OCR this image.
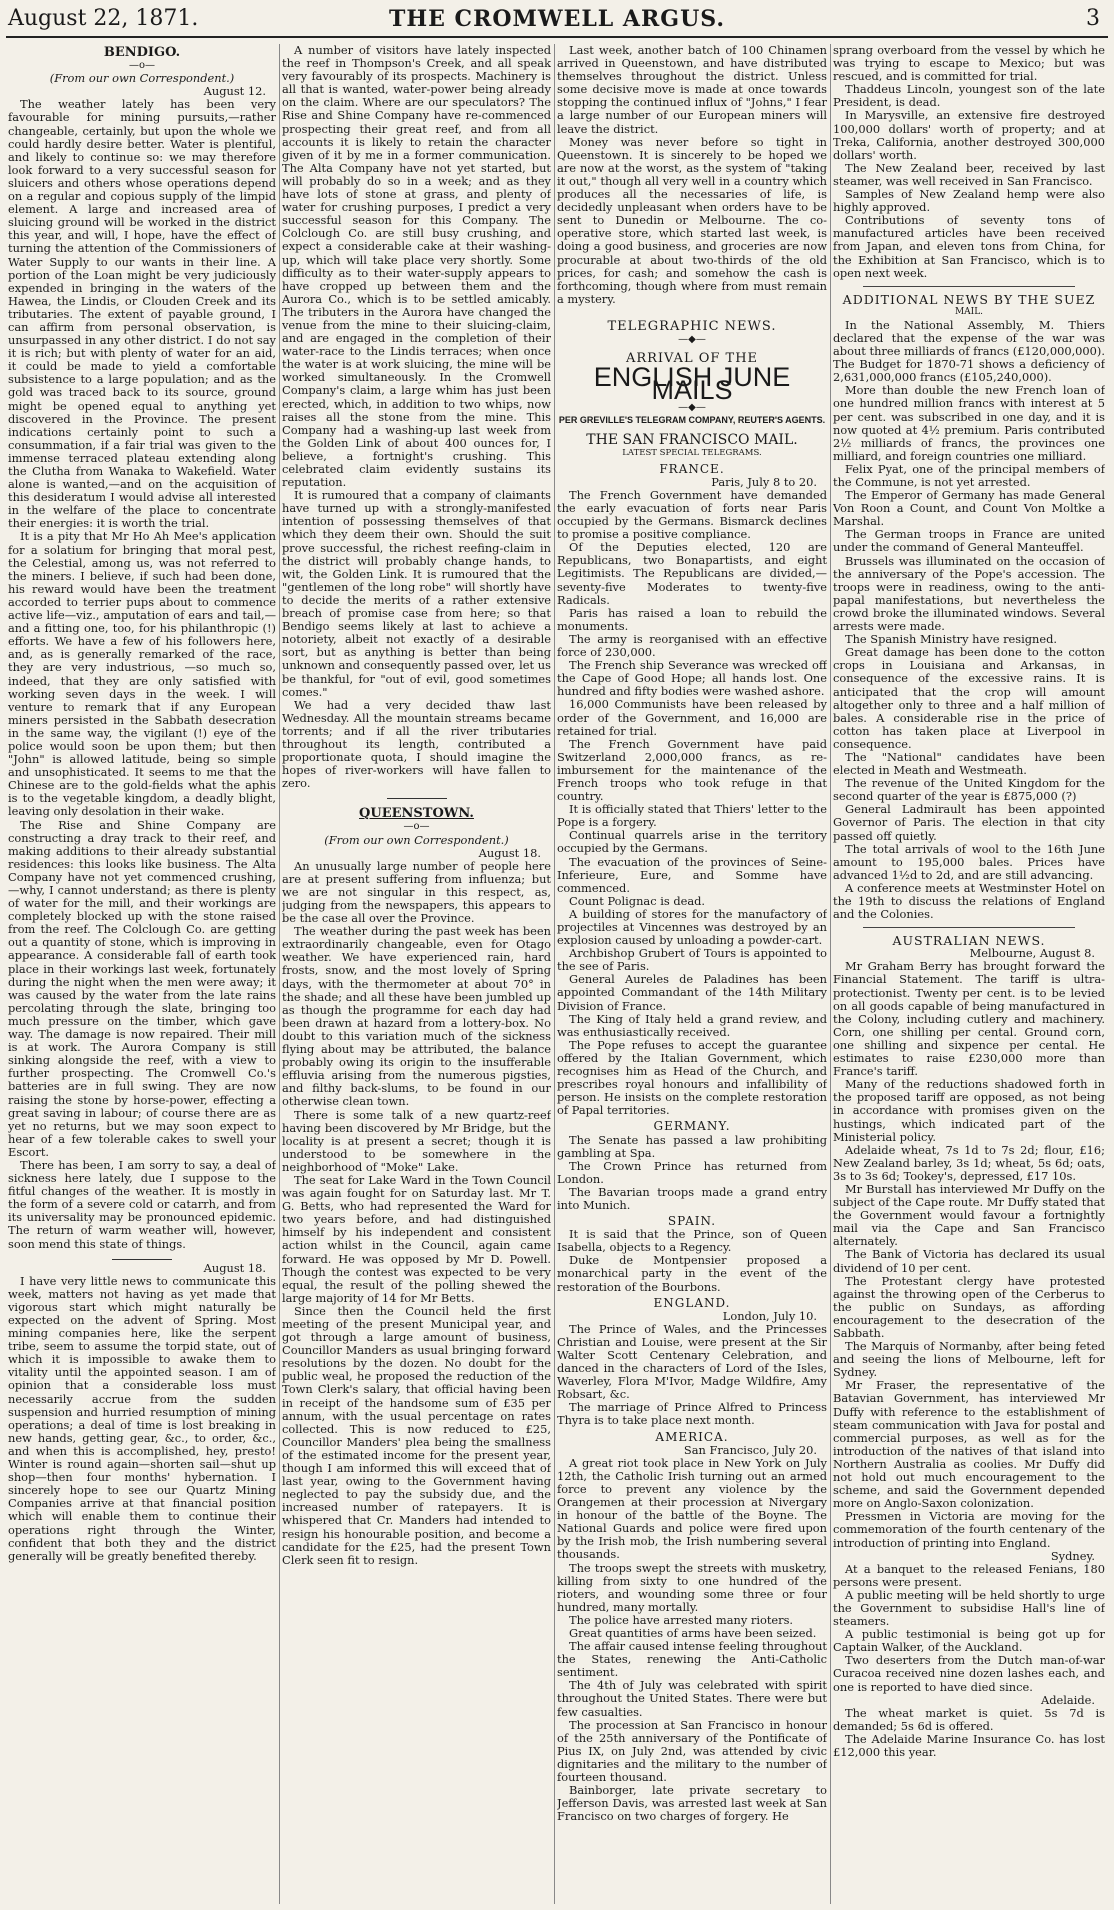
August 22, 1871.	THE CROMWELL ARGUS.	3

BENDIGO.

—o—

(From our own Correspondent.)

August 12.

The weather lately has been very favourable for mining pursuits,—rather changeable, certainly, but upon the whole we could hardly desire better. Water is plentiful, and likely to continue so: we may therefore look forward to a very successful season for sluicers and others whose operations depend on a regular and copious supply of the limpid element. A large and increased area of sluicing ground will be worked in the district this year, and will, I hope, have the effect of turning the attention of the Commissioners of Water Supply to our wants in their line. A portion of the Loan might be very judiciously expended in bringing in the waters of the Hawea, the Lindis, or Clouden Creek and its tributaries. The extent of payable ground, I can affirm from personal observation, is unsurpassed in any other district. I do not say it is rich; but with plenty of water for an aid, it could be made to yield a comfortable subsistence to a large population; and as the gold was traced back to its source, ground might be opened equal to anything yet discovered in the Province. The present indications certainly point to such a consummation, if a fair trial was given to the immense terraced plateau extending along the Clutha from Wanaka to Wakefield. Water alone is wanted,—and on the acquisition of this desideratum I would advise all interested in the welfare of the place to concentrate their energies: it is worth the trial.

It is a pity that Mr Ho Ah Mee's application for a solatium for bringing that moral pest, the Celestial, among us, was not referred to the miners. I believe, if such had been done, his reward would have been the treatment accorded to terrier pups about to commence active life—viz., amputation of ears and tail,—and a fitting one, too, for his philanthropic (!) efforts. We have a few of his followers here, and, as is generally remarked of the race, they are very industrious, —so much so, indeed, that they are only satisfied with working seven days in the week. I will venture to remark that if any European miners persisted in the Sabbath desecration in the same way, the vigilant (!) eye of the police would soon be upon them; but then "John" is allowed latitude, being so simple and unsophisticated. It seems to me that the Chinese are to the gold-fields what the aphis is to the vegetable kingdom, a deadly blight, leaving only desolation in their wake.

The Rise and Shine Company are constructing a dray track to their reef, and making additions to their already substantial residences: this looks like business. The Alta Company have not yet commenced crushing, —why, I cannot understand; as there is plenty of water for the mill, and their workings are completely blocked up with the stone raised from the reef. The Colclough Co. are getting out a quantity of stone, which is improving in appearance. A considerable fall of earth took place in their workings last week, fortunately during the night when the men were away; it was caused by the water from the late rains percolating through the slate, bringing too much pressure on the timber, which gave way. The damage is now repaired. Their mill is at work. The Aurora Company is still sinking alongside the reef, with a view to further prospecting. The Cromwell Co.'s batteries are in full swing. They are now raising the stone by horse-power, effecting a great saving in labour; of course there are as yet no returns, but we may soon expect to hear of a few tolerable cakes to swell your Escort.

There has been, I am sorry to say, a deal of sickness here lately, due I suppose to the fitful changes of the weather. It is mostly in the form of a severe cold or catarrh, and from its universality may be pronounced epidemic. The return of warm weather will, however, soon mend this state of things.

August 18.

I have very little news to communicate this week, matters not having as yet made that vigorous start which might naturally be expected on the advent of Spring. Most mining companies here, like the serpent tribe, seem to assume the torpid state, out of which it is impossible to awake them to vitality until the appointed season. I am of opinion that a considerable loss must necessarily accrue from the sudden suspension and hurried resumption of mining operations; a deal of time is lost breaking in new hands, getting gear, &c., to order, &c., and when this is accomplished, hey, presto! Winter is round again—shorten sail—shut up shop—then four months' hybernation. I sincerely hope to see our Quartz Mining Companies arrive at that financial position which will enable them to continue their operations right through the Winter, confident that both they and the district generally will be greatly benefited thereby.

A number of visitors have lately inspected the reef in Thompson's Creek, and all speak very favourably of its prospects. Machinery is all that is wanted, water-power being already on the claim. Where are our speculators? The Rise and Shine Company have re-commenced prospecting their great reef, and from all accounts it is likely to retain the character given of it by me in a former communication. The Alta Company have not yet started, but will probably do so in a week; and as they have lots of stone at grass, and plenty of water for crushing purposes, I predict a very successful season for this Company. The Colclough Co. are still busy crushing, and expect a considerable cake at their washing-up, which will take place very shortly. Some difficulty as to their water-supply appears to have cropped up between them and the Aurora Co., which is to be settled amicably. The tributers in the Aurora have changed the venue from the mine to their sluicing-claim, and are engaged in the completion of their water-race to the Lindis terraces; when once the water is at work sluicing, the mine will be worked simultaneously. In the Cromwell Company's claim, a large whim has just been erected, which, in addition to two whips, now raises all the stone from the mine. This Company had a washing-up last week from the Golden Link of about 400 ounces for, I believe, a fortnight's crushing. This celebrated claim evidently sustains its reputation.

It is rumoured that a company of claimants have turned up with a strongly-manifested intention of possessing themselves of that which they deem their own. Should the suit prove successful, the richest reefing-claim in the district will probably change hands, to wit, the Golden Link. It is rumoured that the "gentlemen of the long robe" will shortly have to decide the merits of a rather extensive breach of promise case from here; so that Bendigo seems likely at last to achieve a notoriety, albeit not exactly of a desirable sort, but as anything is better than being unknown and consequently passed over, let us be thankful, for "out of evil, good sometimes comes."

We had a very decided thaw last Wednesday. All the mountain streams became torrents; and if all the river tributaries throughout its length, contributed a proportionate quota, I should imagine the hopes of river-workers will have fallen to zero.

QUEENSTOWN.

—o—

(From our own Correspondent.)

August 18.

An unusually large number of people here are at present suffering from influenza; but we are not singular in this respect, as, judging from the newspapers, this appears to be the case all over the Province.

The weather during the past week has been extraordinarily changeable, even for Otago weather. We have experienced rain, hard frosts, snow, and the most lovely of Spring days, with the thermometer at about 70° in the shade; and all these have been jumbled up as though the programme for each day had been drawn at hazard from a lottery-box. No doubt to this variation much of the sickness flying about may be attributed, the balance probably owing its origin to the insufferable effluvia arising from the numerous pigsties, and filthy back-slums, to be found in our otherwise clean town.

There is some talk of a new quartz-reef having been discovered by Mr Bridge, but the locality is at present a secret; though it is understood to be somewhere in the neighborhood of "Moke" Lake.

The seat for Lake Ward in the Town Council was again fought for on Saturday last. Mr T. G. Betts, who had represented the Ward for two years before, and had distinguished himself by his independent and consistent action whilst in the Council, again came forward. He was opposed by Mr D. Powell. Though the contest was expected to be very equal, the result of the polling shewed the large majority of 14 for Mr Betts.

Since then the Council held the first meeting of the present Municipal year, and got through a large amount of business, Councillor Manders as usual bringing forward resolutions by the dozen. No doubt for the public weal, he proposed the reduction of the Town Clerk's salary, that official having been in receipt of the handsome sum of £35 per annum, with the usual percentage on rates collected. This is now reduced to £25, Councillor Manders' plea being the smallness of the estimated income for the present year, though I am informed this will exceed that of last year, owing to the Government having neglected to pay the subsidy due, and the increased number of ratepayers. It is whispered that Cr. Manders had intended to resign his honourable position, and become a candidate for the £25, had the present Town Clerk seen fit to resign.

Last week, another batch of 100 Chinamen arrived in Queenstown, and have distributed themselves throughout the district. Unless some decisive move is made at once towards stopping the continued influx of "Johns," I fear a large number of our European miners will leave the district.

Money was never before so tight in Queenstown. It is sincerely to be hoped we are now at the worst, as the system of "taking it out," though all very well in a country which produces all the necessaries of life, is decidedly unpleasant when orders have to be sent to Dunedin or Melbourne. The co-operative store, which started last week, is doing a good business, and groceries are now procurable at about two-thirds of the old prices, for cash; and somehow the cash is forthcoming, though where from must remain a mystery.

TELEGRAPHIC NEWS.

—◆—

ARRIVAL OF THE

ENGLISH JUNE MAILS

—◆—

PER GREVILLE'S TELEGRAM COMPANY, REUTER'S AGENTS.

THE SAN FRANCISCO MAIL.

LATEST SPECIAL TELEGRAMS.

FRANCE.

Paris, July 8 to 20.

The French Government have demanded the early evacuation of forts near Paris occupied by the Germans. Bismarck declines to promise a positive compliance.

Of the Deputies elected, 120 are Republicans, two Bonapartists, and eight Legitimists. The Republicans are divided,—seventy-five Moderates to twenty-five Radicals.

Paris has raised a loan to rebuild the monuments.

The army is reorganised with an effective force of 230,000.

The French ship Severance was wrecked off the Cape of Good Hope; all hands lost. One hundred and fifty bodies were washed ashore.

16,000 Communists have been released by order of the Government, and 16,000 are retained for trial.

The French Government have paid Switzerland 2,000,000 francs, as re-imbursement for the maintenance of the French troops who took refuge in that country.

It is officially stated that Thiers' letter to the Pope is a forgery.

Continual quarrels arise in the territory occupied by the Germans.

The evacuation of the provinces of Seine-Inferieure, Eure, and Somme have commenced.

Count Polignac is dead.

A building of stores for the manufactory of projectiles at Vincennes was destroyed by an explosion caused by unloading a powder-cart.

Archbishop Grubert of Tours is appointed to the see of Paris.

General Aureles de Paladines has been appointed Commandant of the 14th Military Division of France.

The King of Italy held a grand review, and was enthusiastically received.

The Pope refuses to accept the guarantee offered by the Italian Government, which recognises him as Head of the Church, and prescribes royal honours and infallibility of person. He insists on the complete restoration of Papal territories.

GERMANY.

The Senate has passed a law prohibiting gambling at Spa.

The Crown Prince has returned from London.

The Bavarian troops made a grand entry into Munich.

SPAIN.

It is said that the Prince, son of Queen Isabella, objects to a Regency.

Duke de Montpensier proposed a monarchical party in the event of the restoration of the Bourbons.

ENGLAND.

London, July 10.

The Prince of Wales, and the Princesses Christian and Louise, were present at the Sir Walter Scott Centenary Celebration, and danced in the characters of Lord of the Isles, Waverley, Flora M'Ivor, Madge Wildfire, Amy Robsart, &c.

The marriage of Prince Alfred to Princess Thyra is to take place next month.

AMERICA.

San Francisco, July 20.

A great riot took place in New York on July 12th, the Catholic Irish turning out an armed force to prevent any violence by the Orangemen at their procession at Nivergary in honour of the battle of the Boyne. The National Guards and police were fired upon by the Irish mob, the Irish numbering several thousands.

The troops swept the streets with musketry, killing from sixty to one hundred of the rioters, and wounding some three or four hundred, many mortally.

The police have arrested many rioters.

Great quantities of arms have been seized.

The affair caused intense feeling throughout the States, renewing the Anti-Catholic sentiment.

The 4th of July was celebrated with spirit throughout the United States. There were but few casualties.

The procession at San Francisco in honour of the 25th anniversary of the Pontificate of Pius IX, on July 2nd, was attended by civic dignitaries and the military to the number of fourteen thousand.

Bainborger, late private secretary to Jefferson Davis, was arrested last week at San Francisco on two charges of forgery. He

sprang overboard from the vessel by which he was trying to escape to Mexico; but was rescued, and is committed for trial.

Thaddeus Lincoln, youngest son of the late President, is dead.

In Marysville, an extensive fire destroyed 100,000 dollars' worth of property; and at Treka, California, another destroyed 300,000 dollars' worth.

The New Zealand beer, received by last steamer, was well received in San Francisco.

Samples of New Zealand hemp were also highly approved.

Contributions of seventy tons of manufactured articles have been received from Japan, and eleven tons from China, for the Exhibition at San Francisco, which is to open next week.

ADDITIONAL NEWS BY THE SUEZ

MAIL.

In the National Assembly, M. Thiers declared that the expense of the war was about three milliards of francs (£120,000,000). The Budget for 1870-71 shows a deficiency of 2,631,000,000 francs (£105,240,000).

More than double the new French loan of one hundred million francs with interest at 5 per cent. was subscribed in one day, and it is now quoted at 4½ premium. Paris contributed 2½ milliards of francs, the provinces one milliard, and foreign countries one milliard.

Felix Pyat, one of the principal members of the Commune, is not yet arrested.

The Emperor of Germany has made General Von Roon a Count, and Count Von Moltke a Marshal.

The German troops in France are united under the command of General Manteuffel.

Brussels was illuminated on the occasion of the anniversary of the Pope's accession. The troops were in readiness, owing to the anti-papal manifestations, but nevertheless the crowd broke the illuminated windows. Several arrests were made.

The Spanish Ministry have resigned.

Great damage has been done to the cotton crops in Louisiana and Arkansas, in consequence of the excessive rains. It is anticipated that the crop will amount altogether only to three and a half million of bales. A considerable rise in the price of cotton has taken place at Liverpool in consequence.

The "National" candidates have been elected in Meath and Westmeath.

The revenue of the United Kingdom for the second quarter of the year is £875,000 (?)

General Ladmirault has been appointed Governor of Paris. The election in that city passed off quietly.

The total arrivals of wool to the 16th June amount to 195,000 bales. Prices have advanced 1½d to 2d, and are still advancing.

A conference meets at Westminster Hotel on the 19th to discuss the relations of England and the Colonies.

AUSTRALIAN NEWS.

Melbourne, August 8.

Mr Graham Berry has brought forward the Financial Statement. The tariff is ultra-protectionist. Twenty per cent. is to be levied on all goods capable of being manufactured in the Colony, including cutlery and machinery. Corn, one shilling per cental. Ground corn, one shilling and sixpence per cental. He estimates to raise £230,000 more than France's tariff.

Many of the reductions shadowed forth in the proposed tariff are opposed, as not being in accordance with promises given on the hustings, which indicated part of the Ministerial policy.

Adelaide wheat, 7s 1d to 7s 2d; flour, £16; New Zealand barley, 3s 1d; wheat, 5s 6d; oats, 3s to 3s 6d; Tookey's, depressed, £17 10s.

Mr Burstall has interviewed Mr Duffy on the subject of the Cape route. Mr Duffy stated that the Government would favour a fortnightly mail via the Cape and San Francisco alternately.

The Bank of Victoria has declared its usual dividend of 10 per cent.

The Protestant clergy have protested against the throwing open of the Cerberus to the public on Sundays, as affording encouragement to the desecration of the Sabbath.

The Marquis of Normanby, after being feted and seeing the lions of Melbourne, left for Sydney.

Mr Fraser, the representative of the Batavian Government, has interviewed Mr Duffy with reference to the establishment of steam communication with Java for postal and commercial purposes, as well as for the introduction of the natives of that island into Northern Australia as coolies. Mr Duffy did not hold out much encouragement to the scheme, and said the Government depended more on Anglo-Saxon colonization.

Pressmen in Victoria are moving for the commemoration of the fourth centenary of the introduction of printing into England.

Sydney.

At a banquet to the released Fenians, 180 persons were present.

A public meeting will be held shortly to urge the Government to subsidise Hall's line of steamers.

A public testimonial is being got up for Captain Walker, of the Auckland.

Two deserters from the Dutch man-of-war Curacoa received nine dozen lashes each, and one is reported to have died since.

Adelaide.

The wheat market is quiet. 5s 7d is demanded; 5s 6d is offered.

The Adelaide Marine Insurance Co. has lost £12,000 this year.
